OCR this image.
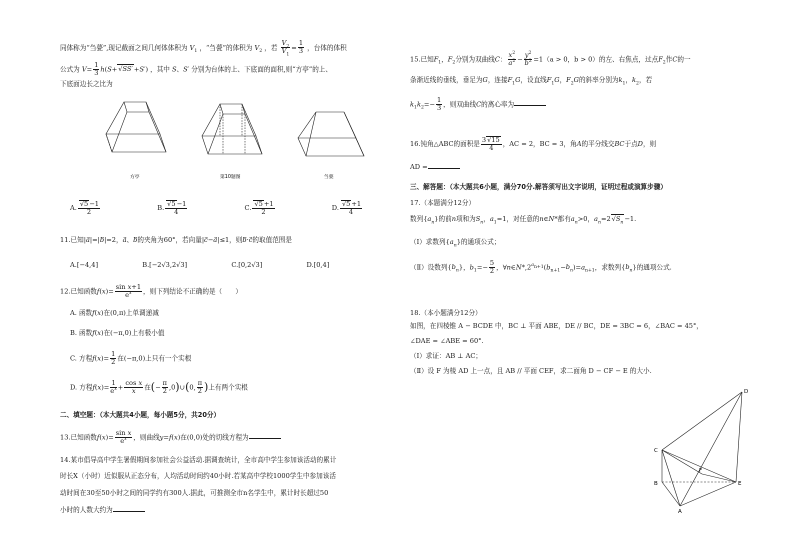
同体称为“刍甍”,现记截面之间几何体体积为 $V_1$ ，“刍甍”的体积为 $V_2$ ，若 $\frac{V_2}{V_1} = \frac{1}{3}$ ，台体的体积
公式为 $V= \frac{1}{3} h(S+√SS'+S')$ ，其中 S、S′ 分别为台体的上、下底面的面积,则“方亭”的上、
下底面边长之比为
方亭	第10题图	刍甍
A. $\frac{√5-1}{2}$	B. $\frac{√5-1}{4}$	C. $\frac{√5+1}{2}$	D. $\frac{√5+1}{4}$
11.已知|a⃗|=|b⃗|=2，a⃗、b的夹角为60°，若向量|c⃗−a⃗|≤1，则b⃗·c的取值范围是
A.[−4,4]	B.[−2√3,2√3]	C.[0,2√3]	D.[0,4]
12.已知函数$f(x)= \frac{\text{sin x+1}}{e^x}$ ，则下列结论不正确的是（　　）
A. 函数f(x)在(0,π)上单调递减
B. 函数f(x)在(−π,0)上有极小值
C. 方程$f(x)= \frac{1}{2}$ 在(−π,0)上只有一个实根
D. 方程$f(x)= \frac{1}{e^x} + \frac{\text{cos x}}{x}$ 在(− $\frac{\pi}{2}$ ,0)∪(0, $\frac{\pi}{2}$ )上有两个实根
二、填空题：（本大题共4小题，每小题5分，共20分）
13.已知函数$f(x)= \frac{\text{sin x}}{e^x}$ ，则曲线y=f(x)在(0,0)处的切线方程为
14.某市倡导高中学生暑假期间参加社会公益活动.据调查统计，全市高中学生参加该活动的累计
时长X（小时）近似服从正态分布，人均活动时间约40小时.若某高中学校1000学生中参加该活
动时间在30至50小时之间的同学约有300人.据此，可推测全市n名学生中，累计时长超过50
小时的人数大约为
15.已知$F_1$，$F_2$分别为双曲线C： $\frac{x^2}{a^2} - \frac{y^2}{b^2} =1(a > 0$，b > 0）的左、右焦点，过点$F_2$作C的一
条渐近线的垂线，垂足为G，连接$F_1G$，设直线$F_1G$，$F_2G$的斜率分别为$k_1$，$k_2$，若
$k_1k_2=- \frac{1}{3}$ ，则双曲线C的离心率为
16.钝角△ABC的面积是 $\frac{3√15}{4}$ ，AC = 2，BC = 3，角A的平分线交BC于点D，则
AD =
三、解答题：（本大题共6小题，满分70分.解答须写出文字说明，证明过程或演算步骤）
17.（本题满分12分）
数列$\{a_n\}$的前n项和为$S_n$，$a_1=1$，对任意的n∈N*都有$a_n>0$，$a_n=2√S_n-1$.
（Ⅰ）求数列$\{a_n\}$的通项公式；
（Ⅱ）设数列$\{b_n\}$，$b_1=- \frac{5}{2}$ ，$\forall n\in N*,2^{a_{n+1}}(b_{n+1}-b_n)=a_{n+1}$，求数列$\{b_n\}$的通项公式.
18.（本小题满分12分）
如图，在四棱锥 A − BCDE 中，BC ⊥ 平面 ABE，DE // BC，DE = 3BC = 6，∠BAC = 45°，
∠DAE = ∠ABE = 60°.
（Ⅰ）求证：AB ⊥ AC；
（Ⅱ）设 F 为棱 AD 上一点，且 AB // 平面 CEF，求二面角 D − CF − E 的大小.
D
C
B
F
E
A
